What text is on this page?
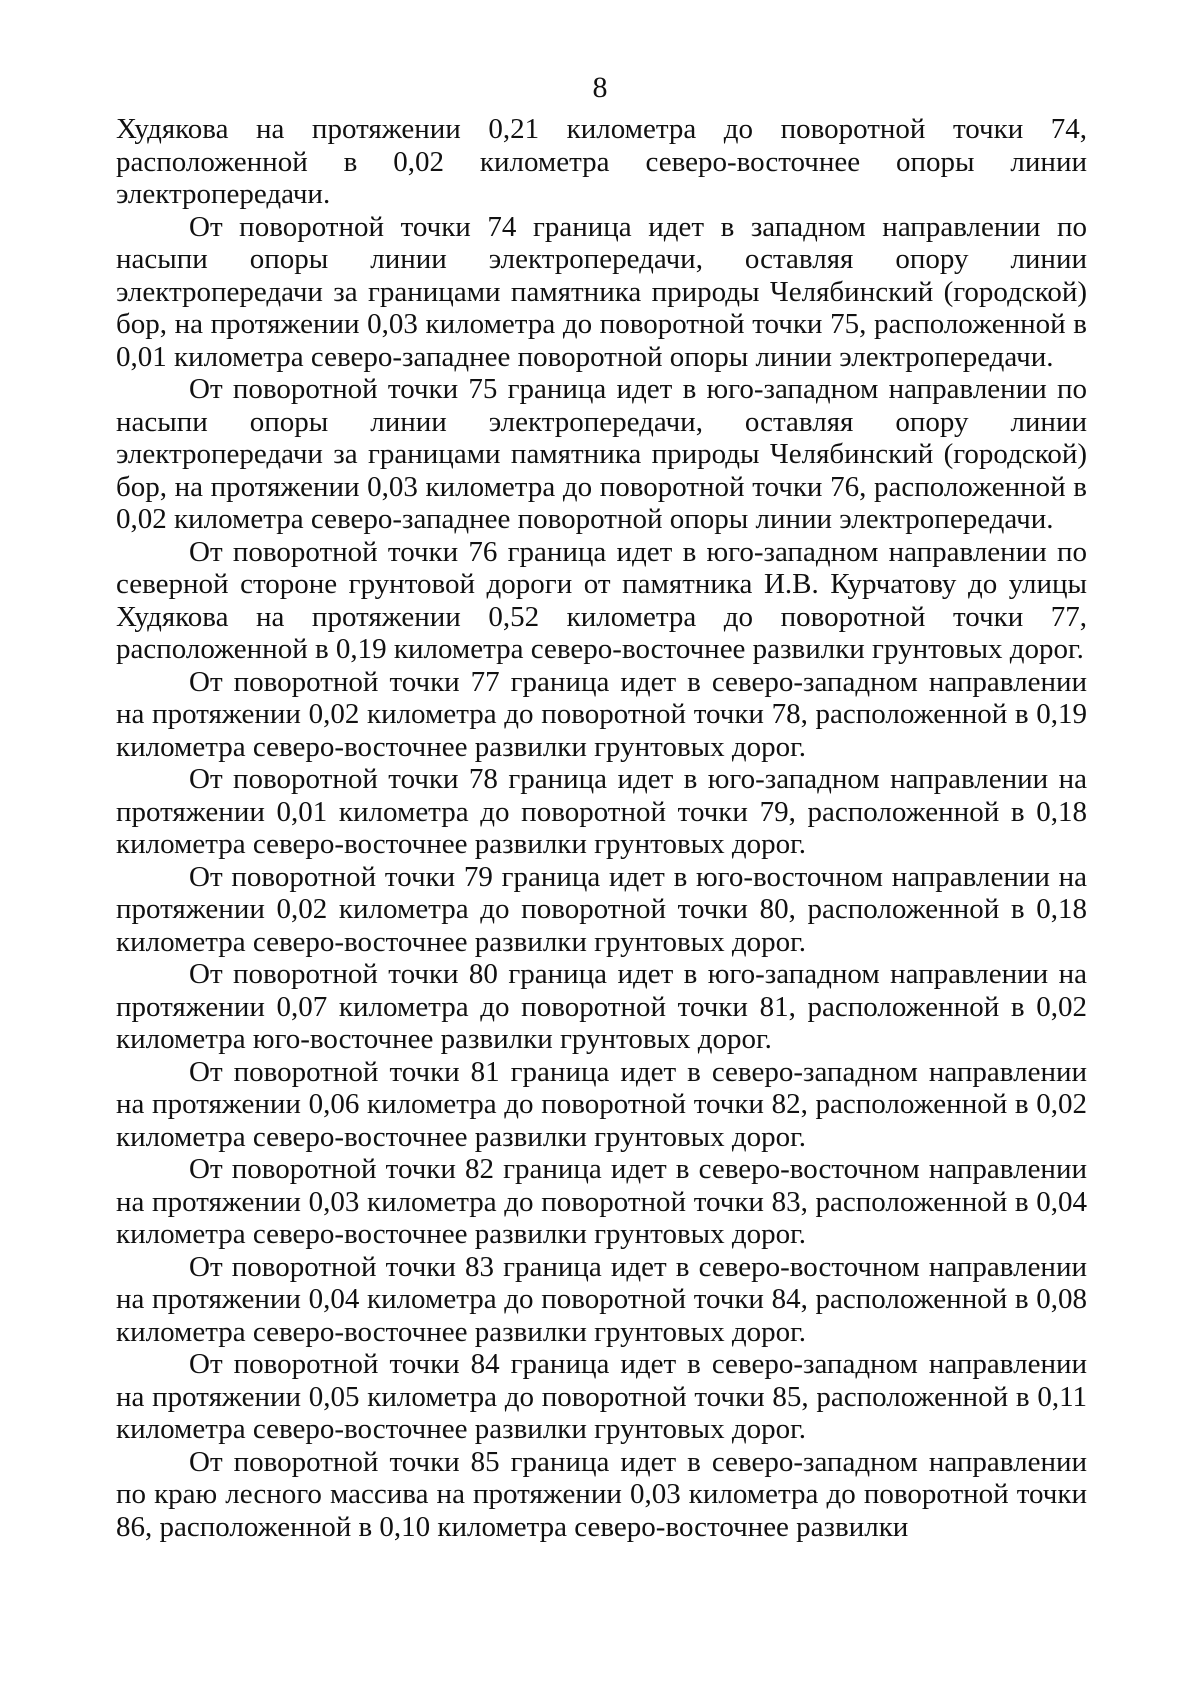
8

Худякова на протяжении 0,21 километра до поворотной точки 74, расположенной в 0,02 километра северо-восточнее опоры линии электропередачи.

От поворотной точки 74 граница идет в западном направлении по насыпи опоры линии электропередачи, оставляя опору линии электропередачи за границами памятника природы Челябинский (городской) бор, на протяжении 0,03 километра до поворотной точки 75, расположенной в 0,01 километра северо-западнее поворотной опоры линии электропередачи.

От поворотной точки 75 граница идет в юго-западном направлении по насыпи опоры линии электропередачи, оставляя опору линии электропередачи за границами памятника природы Челябинский (городской) бор, на протяжении 0,03 километра до поворотной точки 76, расположенной в 0,02 километра северо-западнее поворотной опоры линии электропередачи.

От поворотной точки 76 граница идет в юго-западном направлении по северной стороне грунтовой дороги от памятника И.В. Курчатову до улицы Худякова на протяжении 0,52 километра до поворотной точки 77, расположенной в 0,19 километра северо-восточнее развилки грунтовых дорог.

От поворотной точки 77 граница идет в северо-западном направлении на протяжении 0,02 километра до поворотной точки 78, расположенной в 0,19 километра северо-восточнее развилки грунтовых дорог.

От поворотной точки 78 граница идет в юго-западном направлении на протяжении 0,01 километра до поворотной точки 79, расположенной в 0,18 километра северо-восточнее развилки грунтовых дорог.

От поворотной точки 79 граница идет в юго-восточном направлении на протяжении 0,02 километра до поворотной точки 80, расположенной в 0,18 километра северо-восточнее развилки грунтовых дорог.

От поворотной точки 80 граница идет в юго-западном направлении на протяжении 0,07 километра до поворотной точки 81, расположенной в 0,02 километра юго-восточнее развилки грунтовых дорог.

От поворотной точки 81 граница идет в северо-западном направлении на протяжении 0,06 километра до поворотной точки 82, расположенной в 0,02 километра северо-восточнее развилки грунтовых дорог.

От поворотной точки 82 граница идет в северо-восточном направлении на протяжении 0,03 километра до поворотной точки 83, расположенной в 0,04 километра северо-восточнее развилки грунтовых дорог.

От поворотной точки 83 граница идет в северо-восточном направлении на протяжении 0,04 километра до поворотной точки 84, расположенной в 0,08 километра северо-восточнее развилки грунтовых дорог.

От поворотной точки 84 граница идет в северо-западном направлении на протяжении 0,05 километра до поворотной точки 85, расположенной в 0,11 километра северо-восточнее развилки грунтовых дорог.

От поворотной точки 85 граница идет в северо-западном направлении по краю лесного массива на протяжении 0,03 километра до поворотной точки 86, расположенной в 0,10 километра северо-восточнее развилки
